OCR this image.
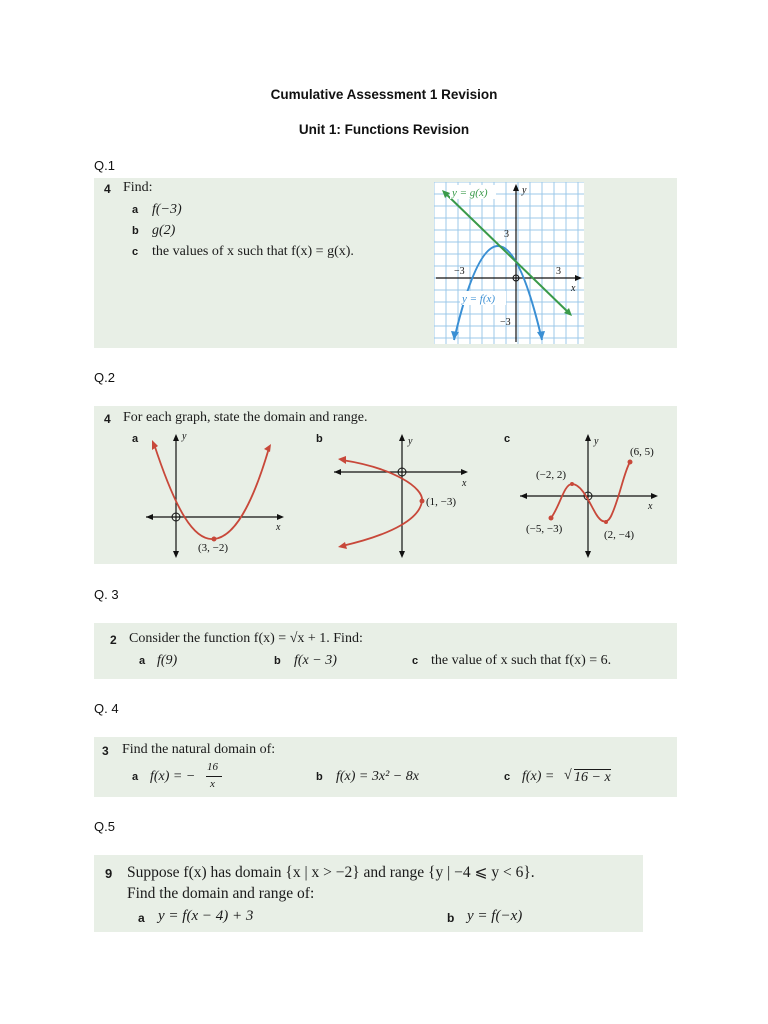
Cumulative Assessment 1 Revision
Unit 1: Functions Revision
Q.1
4 Find:
a f(−3)
b g(2)
c the values of x such that f(x) = g(x).
y = g(x)
y = f(x)
y
x
−3	3
3
−3
Q.2
4 For each graph, state the domain and range.
a	b	c
y
x
(3, −2)
y
x
(1, −3)
y
x
(6, 5)
(−2, 2)
(−5, −3)	(2, −4)
Q. 3
2 Consider the function f(x) = √x + 1. Find:
a f(9)	b f(x − 3)	c the value of x such that f(x) = 6.
Q. 4
3 Find the natural domain of:
a f(x) = −
16
x
b f(x) = 3x² − 8x	c f(x) = √ 16 − x
Q.5
9 Suppose f(x) has domain {x | x > −2} and range {y | −4 ⩽ y < 6}.
Find the domain and range of:
a y = f(x − 4) + 3	b y = f(−x)
